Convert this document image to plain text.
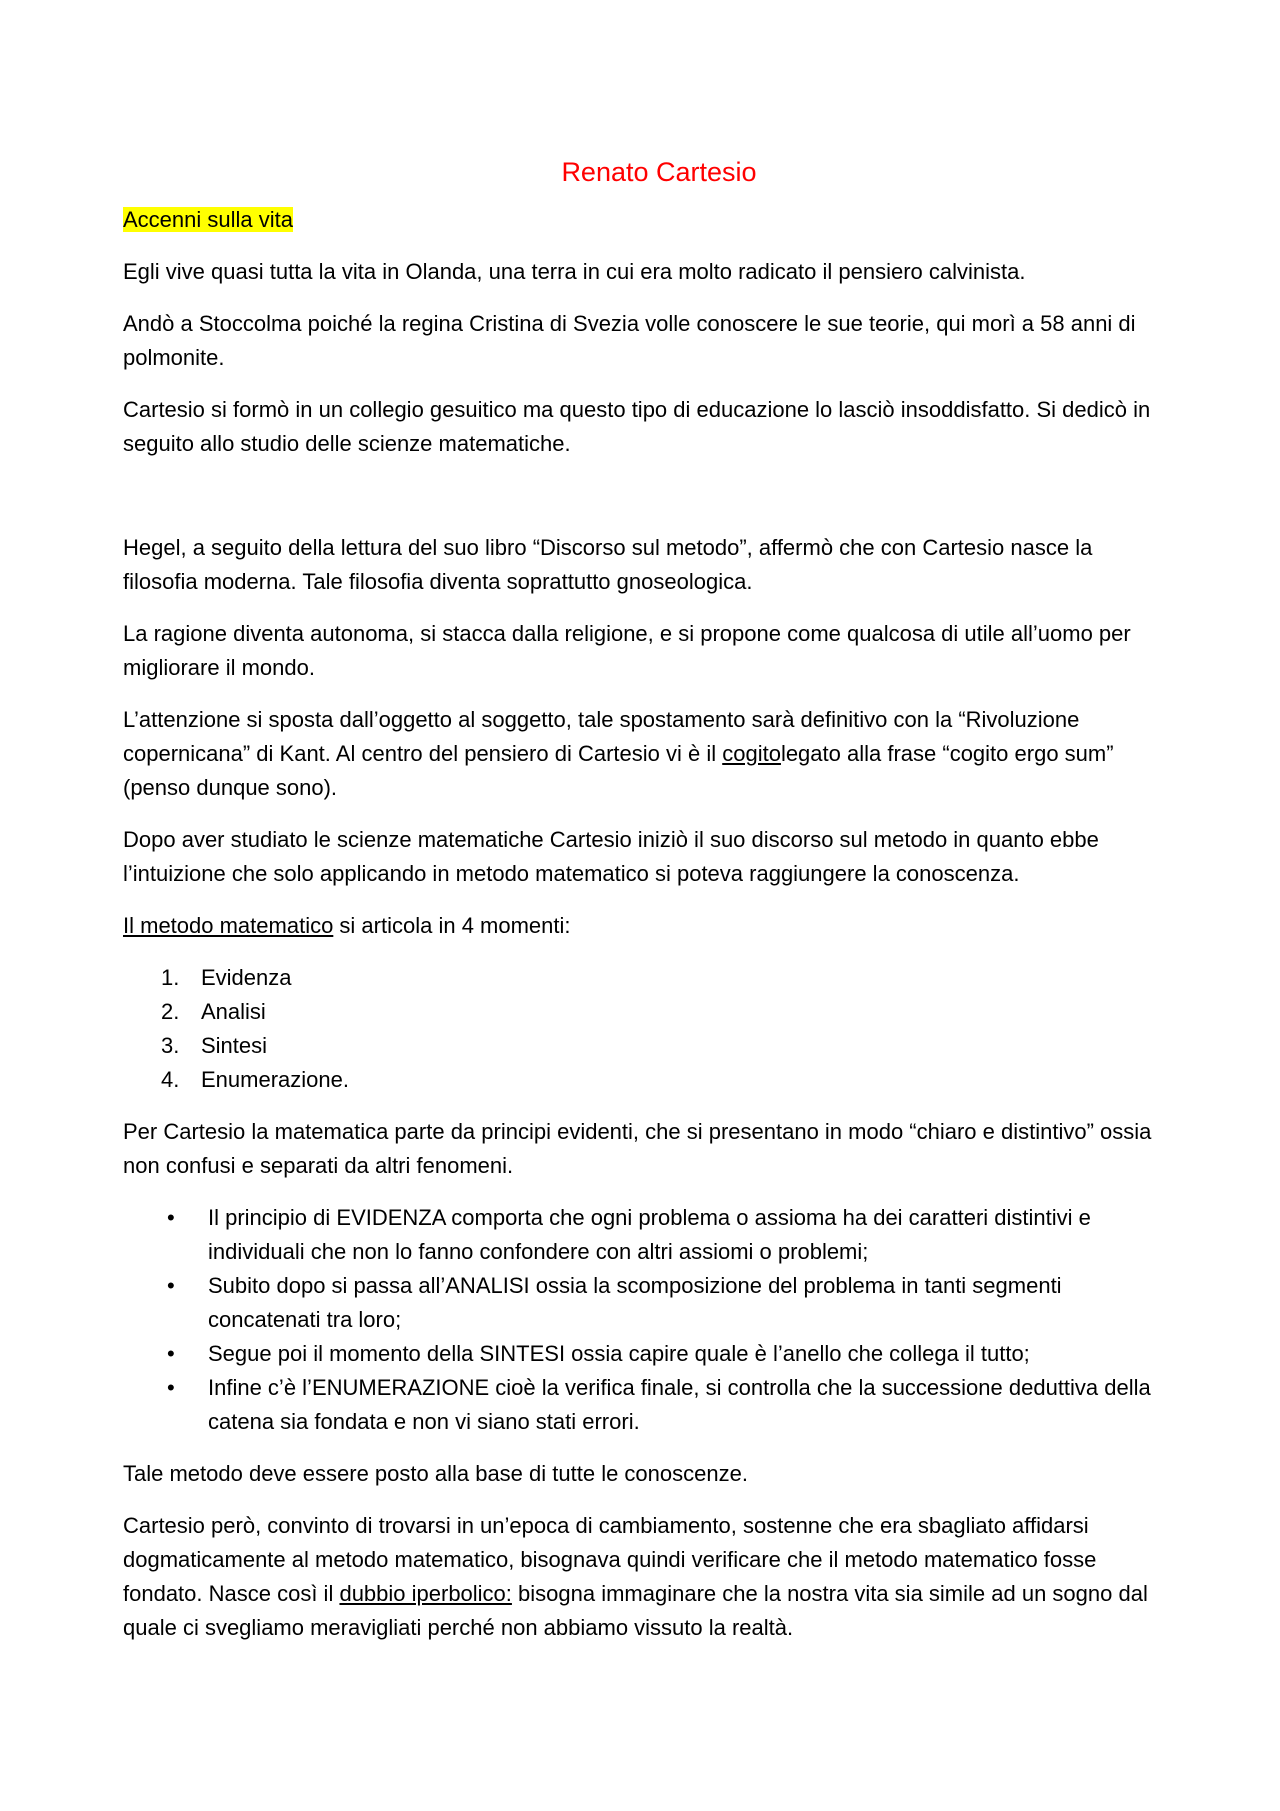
Renato Cartesio

Accenni sulla vita

Egli vive quasi tutta la vita in Olanda, una terra in cui era molto radicato il pensiero calvinista.

Andò a Stoccolma poiché la regina Cristina di Svezia volle conoscere le sue teorie, qui morì a 58 anni di polmonite.

Cartesio si formò in un collegio gesuitico ma questo tipo di educazione lo lasciò insoddisfatto. Si dedicò in seguito allo studio delle scienze matematiche.

Hegel, a seguito della lettura del suo libro “Discorso sul metodo”, affermò che con Cartesio nasce la filosofia moderna. Tale filosofia diventa soprattutto gnoseologica.

La ragione diventa autonoma, si stacca dalla religione, e si propone come qualcosa di utile all’uomo per migliorare il mondo.

L’attenzione si sposta dall’oggetto al soggetto, tale spostamento sarà definitivo con la “Rivoluzione copernicana” di Kant. Al centro del pensiero di Cartesio vi è il cogitolegato alla frase “cogito ergo sum” (penso dunque sono).

Dopo aver studiato le scienze matematiche Cartesio iniziò il suo discorso sul metodo in quanto ebbe l’intuizione che solo applicando in metodo matematico si poteva raggiungere la conoscenza.

Il metodo matematico si articola in 4 momenti:

1. Evidenza
2. Analisi
3. Sintesi
4. Enumerazione.

Per Cartesio la matematica parte da principi evidenti, che si presentano in modo “chiaro e distintivo” ossia non confusi e separati da altri fenomeni.

• Il principio di EVIDENZA comporta che ogni problema o assioma ha dei caratteri distintivi e individuali che non lo fanno confondere con altri assiomi o problemi;
• Subito dopo si passa all’ANALISI ossia la scomposizione del problema in tanti segmenti concatenati tra loro;
• Segue poi il momento della SINTESI ossia capire quale è l’anello che collega il tutto;
• Infine c’è l’ENUMERAZIONE cioè la verifica finale, si controlla che la successione deduttiva della catena sia fondata e non vi siano stati errori.

Tale metodo deve essere posto alla base di tutte le conoscenze.

Cartesio però, convinto di trovarsi in un’epoca di cambiamento, sostenne che era sbagliato affidarsi dogmaticamente al metodo matematico, bisognava quindi verificare che il metodo matematico fosse fondato. Nasce così il dubbio iperbolico: bisogna immaginare che la nostra vita sia simile ad un sogno dal quale ci svegliamo meravigliati perché non abbiamo vissuto la realtà.
